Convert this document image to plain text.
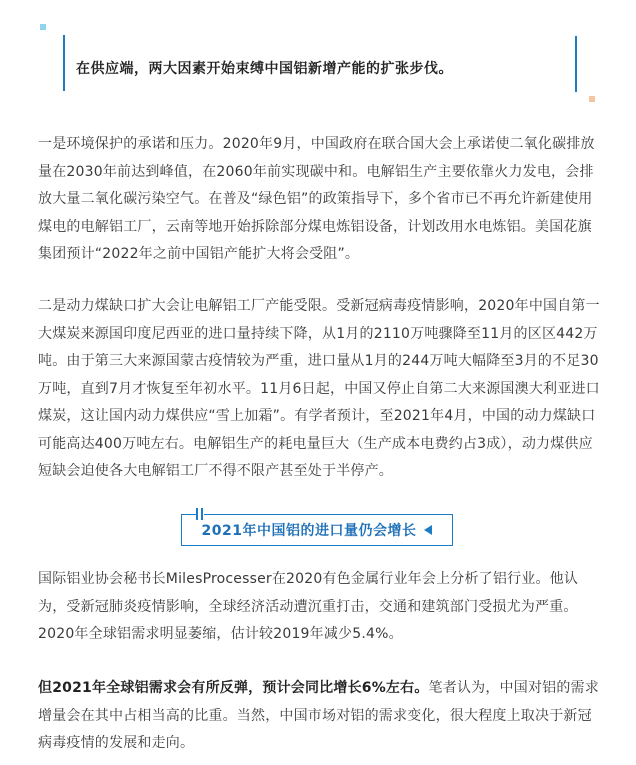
在供应端，两大因素开始束缚中国铝新增产能的扩张步伐。

一是环境保护的承诺和压力。2020年9月，中国政府在联合国大会上承诺使二氧化碳排放量在2030年前达到峰值，在2060年前实现碳中和。电解铝生产主要依靠火力发电，会排放大量二氧化碳污染空气。在普及“绿色铝”的政策指导下，多个省市已不再允许新建使用煤电的电解铝工厂，云南等地开始拆除部分煤电炼铝设备，计划改用水电炼铝。美国花旗集团预计“2022年之前中国铝产能扩大将会受阻”。

二是动力煤缺口扩大会让电解铝工厂产能受限。受新冠病毒疫情影响，2020年中国自第一大煤炭来源国印度尼西亚的进口量持续下降，从1月的2110万吨骤降至11月的区区442万吨。由于第三大来源国蒙古疫情较为严重，进口量从1月的244万吨大幅降至3月的不足30万吨，直到7月才恢复至年初水平。11月6日起，中国又停止自第二大来源国澳大利亚进口煤炭，这让国内动力煤供应“雪上加霜”。有学者预计，至2021年4月，中国的动力煤缺口可能高达400万吨左右。电解铝生产的耗电量巨大（生产成本电费约占3成），动力煤供应短缺会迫使各大电解铝工厂不得不限产甚至处于半停产。

2021年中国铝的进口量仍会增长

国际铝业协会秘书长MilesProcesser在2020有色金属行业年会上分析了铝行业。他认为，受新冠肺炎疫情影响，全球经济活动遭沉重打击，交通和建筑部门受损尤为严重。2020年全球铝需求明显萎缩，估计较2019年减少5.4%。

但2021年全球铝需求会有所反弹，预计会同比增长6%左右。笔者认为，中国对铝的需求增量会在其中占相当高的比重。当然，中国市场对铝的需求变化，很大程度上取决于新冠病毒疫情的发展和走向。
